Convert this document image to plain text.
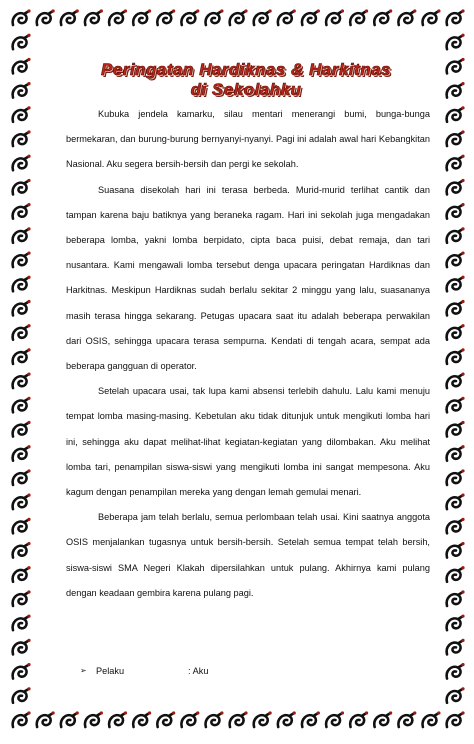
Peringatan Hardiknas & Harkitnas
di Sekolahku

Kubuka jendela kamarku, silau mentari menerangi bumi, bunga-bunga bermekaran, dan burung-burung bernyanyi-nyanyi. Pagi ini adalah awal hari Kebangkitan Nasional. Aku segera bersih-bersih dan pergi ke sekolah.

Suasana disekolah hari ini terasa berbeda. Murid-murid terlihat cantik dan tampan karena baju batiknya yang beraneka ragam. Hari ini sekolah juga mengadakan beberapa lomba, yakni lomba berpidato, cipta baca puisi, debat remaja, dan tari nusantara. Kami mengawali lomba tersebut denga upacara peringatan Hardiknas dan Harkitnas. Meskipun Hardiknas sudah berlalu sekitar 2 minggu yang lalu, suasananya masih terasa hingga sekarang. Petugas upacara saat itu adalah beberapa perwakilan dari OSIS, sehingga upacara terasa sempurna. Kendati di tengah acara, sempat ada beberapa gangguan di operator.

Setelah upacara usai, tak lupa kami absensi terlebih dahulu. Lalu kami menuju tempat lomba masing-masing. Kebetulan aku tidak ditunjuk untuk mengikuti lomba hari ini, sehingga aku dapat melihat-lihat kegiatan-kegiatan yang dilombakan. Aku melihat lomba tari, penampilan siswa-siswi yang mengikuti lomba ini sangat mempesona. Aku kagum dengan penampilan mereka yang dengan lemah gemulai menari.

Beberapa jam telah berlalu, semua perlombaan telah usai. Kini saatnya anggota OSIS menjalankan tugasnya untuk bersih-bersih. Setelah semua tempat telah bersih, siswa-siswi SMA Negeri Klakah dipersilahkan untuk pulang. Akhirnya kami pulang dengan keadaan gembira karena pulang pagi.

➢	Pelaku	: Aku
